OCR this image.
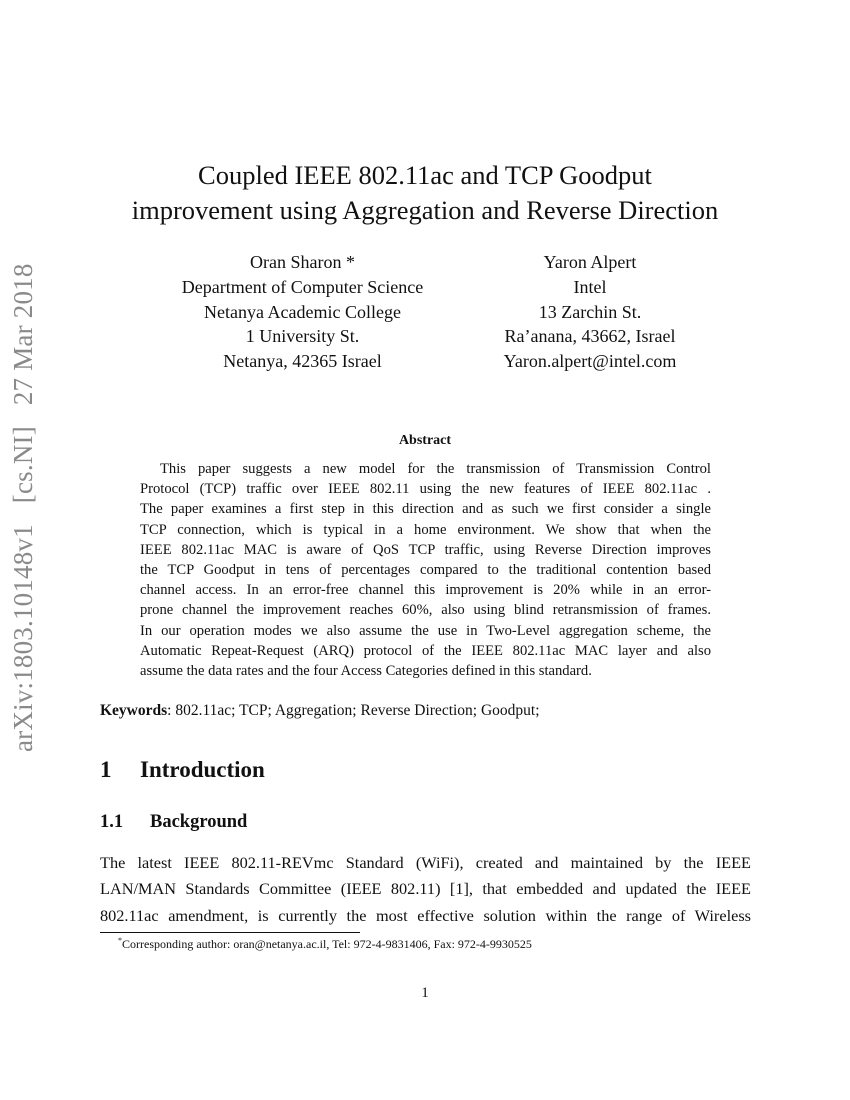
arXiv:1803.10148v1 [cs.NI] 27 Mar 2018
Coupled IEEE 802.11ac and TCP Goodput
improvement using Aggregation and Reverse Direction
Oran Sharon *
Department of Computer Science
Netanya Academic College
1 University St.
Netanya, 42365 Israel
Yaron Alpert
Intel
13 Zarchin St.
Ra’anana, 43662, Israel
Yaron.alpert@intel.com
Abstract
This paper suggests a new model for the transmission of Transmission Control
Protocol (TCP) traffic over IEEE 802.11 using the new features of IEEE 802.11ac .
The paper examines a first step in this direction and as such we first consider a single
TCP connection, which is typical in a home environment. We show that when the
IEEE 802.11ac MAC is aware of QoS TCP traffic, using Reverse Direction improves
the TCP Goodput in tens of percentages compared to the traditional contention based
channel access. In an error-free channel this improvement is 20% while in an error-
prone channel the improvement reaches 60%, also using blind retransmission of frames.
In our operation modes we also assume the use in Two-Level aggregation scheme, the
Automatic Repeat-Request (ARQ) protocol of the IEEE 802.11ac MAC layer and also
assume the data rates and the four Access Categories defined in this standard.
Keywords: 802.11ac; TCP; Aggregation; Reverse Direction; Goodput;
1 Introduction
1.1 Background
The latest IEEE 802.11-REVmc Standard (WiFi), created and maintained by the IEEE
LAN/MAN Standards Committee (IEEE 802.11) [1], that embedded and updated the IEEE
802.11ac amendment, is currently the most effective solution within the range of Wireless
*Corresponding author: oran@netanya.ac.il, Tel: 972-4-9831406, Fax: 972-4-9930525
1
